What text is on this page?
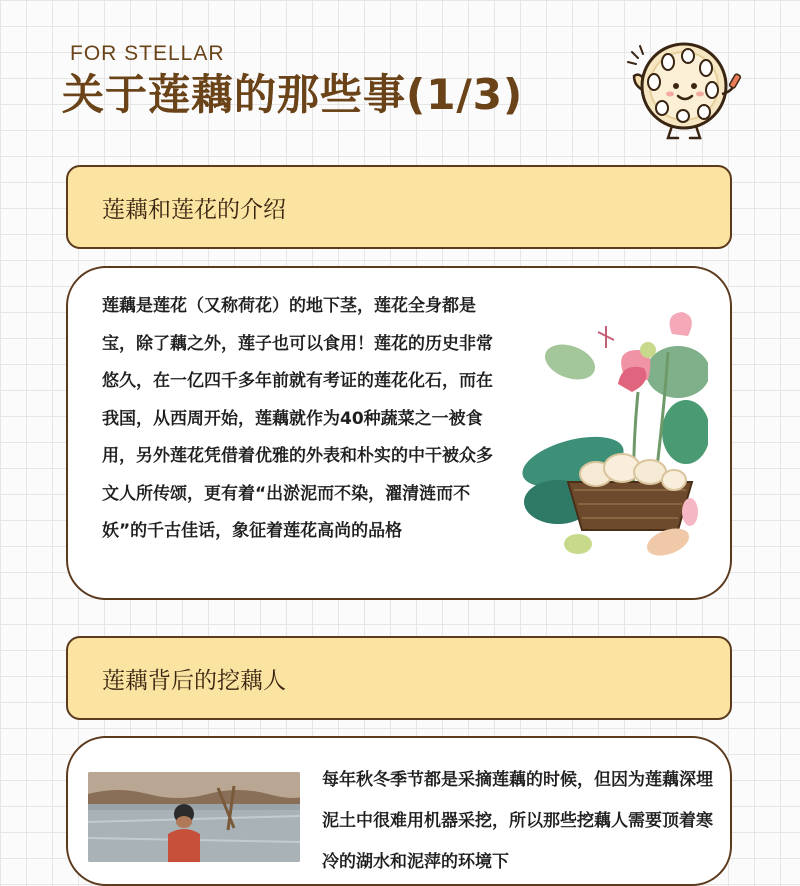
FOR STELLAR
关于莲藕的那些事(1/3)
莲藕和莲花的介绍

莲藕是莲花（又称荷花）的地下茎，莲花全身都是宝，除了藕之外，莲子也可以食用！莲花的历史非常悠久，在一亿四千多年前就有考证的莲花化石，而在我国，从西周开始，莲藕就作为40种蔬菜之一被食用，另外莲花凭借着优雅的外表和朴实的中干被众多文人所传颂，更有着“出淤泥而不染，濯清涟而不妖”的千古佳话，象征着莲花高尚的品格

莲藕背后的挖藕人

每年秋冬季节都是采摘莲藕的时候，但因为莲藕深埋泥土中很难用机器采挖，所以那些挖藕人需要顶着寒冷的湖水和泥萍的环境下
